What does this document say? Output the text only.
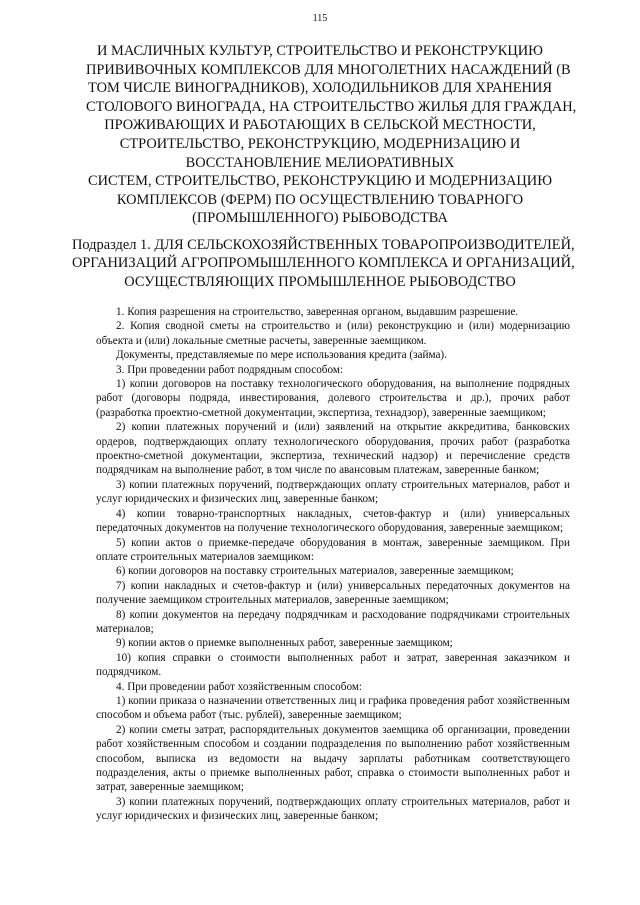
115
И МАСЛИЧНЫХ КУЛЬТУР, СТРОИТЕЛЬСТВО И РЕКОНСТРУКЦИЮ
ПРИВИВОЧНЫХ КОМПЛЕКСОВ ДЛЯ МНОГОЛЕТНИХ НАСАЖДЕНИЙ (В
ТОМ ЧИСЛЕ ВИНОГРАДНИКОВ), ХОЛОДИЛЬНИКОВ ДЛЯ ХРАНЕНИЯ
СТОЛОВОГО ВИНОГРАДА, НА СТРОИТЕЛЬСТВО ЖИЛЬЯ ДЛЯ ГРАЖДАН,
ПРОЖИВАЮЩИХ И РАБОТАЮЩИХ В СЕЛЬСКОЙ МЕСТНОСТИ,
СТРОИТЕЛЬСТВО, РЕКОНСТРУКЦИЮ, МОДЕРНИЗАЦИЮ И
ВОССТАНОВЛЕНИЕ МЕЛИОРАТИВНЫХ
СИСТЕМ, СТРОИТЕЛЬСТВО, РЕКОНСТРУКЦИЮ И МОДЕРНИЗАЦИЮ
КОМПЛЕКСОВ (ФЕРМ) ПО ОСУЩЕСТВЛЕНИЮ ТОВАРНОГО
(ПРОМЫШЛЕННОГО) РЫБОВОДСТВА
Подраздел 1. ДЛЯ СЕЛЬСКОХОЗЯЙСТВЕННЫХ ТОВАРОПРОИЗВОДИТЕЛЕЙ,
ОРГАНИЗАЦИЙ АГРОПРОМЫШЛЕННОГО КОМПЛЕКСА И ОРГАНИЗАЦИЙ,
ОСУЩЕСТВЛЯЮЩИХ ПРОМЫШЛЕННОЕ РЫБОВОДСТВО

1. Копия разрешения на строительство, заверенная органом, выдавшим разрешение.

2. Копия сводной сметы на строительство и (или) реконструкцию и (или) модернизацию объекта и (или) локальные сметные расчеты, заверенные заемщиком.

Документы, представляемые по мере использования кредита (займа).

3. При проведении работ подрядным способом:

1) копии договоров на поставку технологического оборудования, на выполнение подрядных работ (договоры подряда, инвестирования, долевого строительства и др.), прочих работ (разработка проектно-сметной документации, экспертиза, технадзор), заверенные заемщиком;

2) копии платежных поручений и (или) заявлений на открытие аккредитива, банковских ордеров, подтверждающих оплату технологического оборудования, прочих работ (разработка проектно-сметной документации, экспертиза, технический надзор) и перечисление средств подрядчикам на выполнение работ, в том числе по авансовым платежам, заверенные банком;

3) копии платежных поручений, подтверждающих оплату строительных материалов, работ и услуг юридических и физических лиц, заверенные банком;

4) копии товарно-транспортных накладных, счетов-фактур и (или) универсальных передаточных документов на получение технологического оборудования, заверенные заемщиком;

5) копии актов о приемке-передаче оборудования в монтаж, заверенные заемщиком. При оплате строительных материалов заемщиком:

6) копии договоров на поставку строительных материалов, заверенные заемщиком;

7) копии накладных и счетов-фактур и (или) универсальных передаточных документов на получение заемщиком строительных материалов, заверенные заемщиком;

8) копии документов на передачу подрядчикам и расходование подрядчиками строительных материалов;

9) копии актов о приемке выполненных работ, заверенные заемщиком;

10) копия справки о стоимости выполненных работ и затрат, заверенная заказчиком и подрядчиком.

4. При проведении работ хозяйственным способом:

1) копии приказа о назначении ответственных лиц и графика проведения работ хозяйственным способом и объема работ (тыс. рублей), заверенные заемщиком;

2) копии сметы затрат, распорядительных документов заемщика об организации, проведении работ хозяйственным способом и создании подразделения по выполнению работ хозяйственным способом, выписка из ведомости на выдачу зарплаты работникам соответствующего подразделения, акты о приемке выполненных работ, справка о стоимости выполненных работ и затрат, заверенные заемщиком;

3) копии платежных поручений, подтверждающих оплату строительных материалов, работ и услуг юридических и физических лиц, заверенные банком;
